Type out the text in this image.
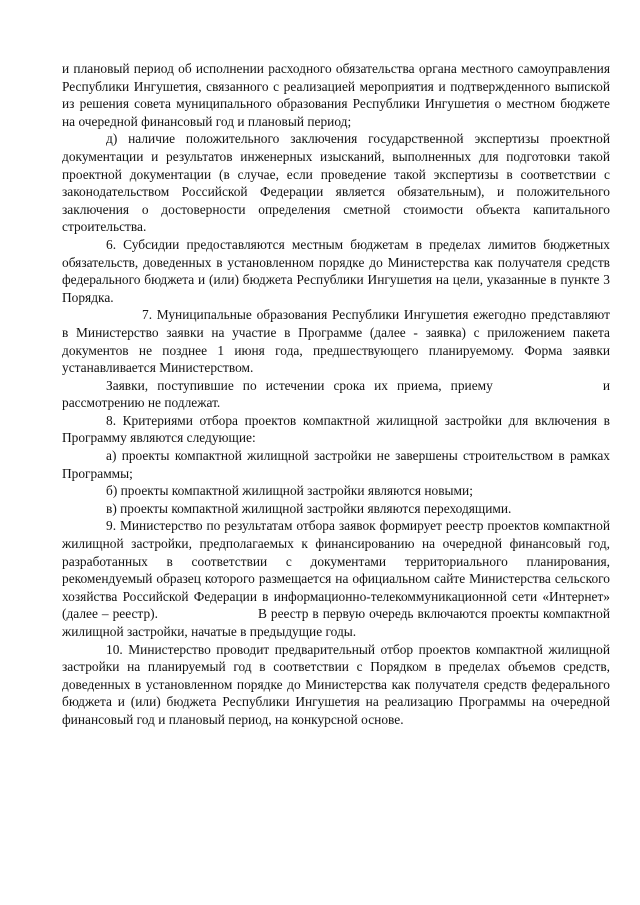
и плановый период об исполнении расходного обязательства органа местного самоуправления Республики Ингушетия, связанного с реализацией мероприятия и подтвержденного выпиской из решения совета муниципального образования Республики Ингушетия о местном бюджете на очередной финансовый год и плановый период;

д) наличие положительного заключения государственной экспертизы проектной документации и результатов инженерных изысканий, выполненных для подготовки такой проектной документации (в случае, если проведение такой экспертизы в соответствии с законодательством Российской Федерации является обязательным), и положительного заключения о достоверности определения сметной стоимости объекта капитального строительства.

6. Субсидии предоставляются местным бюджетам в пределах лимитов бюджетных обязательств, доведенных в установленном порядке до Министерства как получателя средств федерального бюджета и (или) бюджета Республики Ингушетия на цели, указанные в пункте 3 Порядка.

7. Муниципальные образования Республики Ингушетия ежегодно представляют в Министерство заявки на участие в Программе (далее - заявка) с приложением пакета документов не позднее 1 июня года, предшествующего планируемому. Форма заявки устанавливается Министерством.

Заявки, поступившие по истечении срока их приема, приему	и рассмотрению не подлежат.

8. Критериями отбора проектов компактной жилищной застройки для включения в Программу являются следующие:

а) проекты компактной жилищной застройки не завершены строительством в рамках Программы;

б) проекты компактной жилищной застройки являются новыми;

в) проекты компактной жилищной застройки являются переходящими.

9. Министерство по результатам отбора заявок формирует реестр проектов компактной жилищной застройки, предполагаемых к финансированию на очередной финансовый год, разработанных в соответствии с документами территориального планирования, рекомендуемый образец которого размещается на официальном сайте Министерства сельского хозяйства Российской Федерации в информационно-телекоммуникационной сети «Интернет» (далее – реестр).	В реестр в первую очередь включаются проекты компактной жилищной застройки, начатые в предыдущие годы.

10. Министерство проводит предварительный отбор проектов компактной жилищной застройки на планируемый год в соответствии с Порядком в пределах объемов средств, доведенных в установленном порядке до Министерства как получателя средств федерального бюджета и (или) бюджета Республики Ингушетия на реализацию Программы на очередной финансовый год и плановый период, на конкурсной основе.
